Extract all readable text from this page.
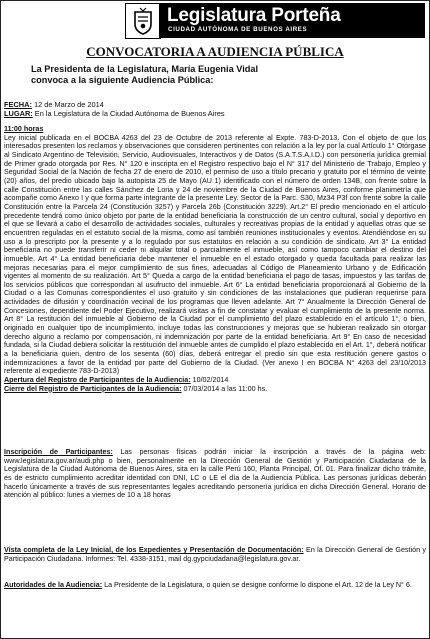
Legislatura Porteña
CIUDAD AUTÓNOMA DE BUENOS AIRES
CONVOCATORIA A AUDIENCIA PÚBLICA
La Presidenta de la Legislatura, María Eugenia Vidal
convoca a la siguiente Audiencia Pública:
FECHA: 12 de Marzo de 2014
LUGAR: En la Legislatura de la Ciudad Autónoma de Buenos Aires
11:00 horas

Ley inicial publicada en el BOCBA 4263 del 23 de Octubre de 2013 referente al Expte. 783-D-2013. Con el objeto de que los interesados presenten los reclamos y observaciones que consideren pertinentes con relación a la ley por la cual Artículo 1° Otórgase al Sindicato Argentino de Televisión, Servicio, Audiovisuales, Interactivos y de Datos (S.A.T.S.A.I.D.) con personería jurídica gremial de Primer grado otorgada por Res. N° 120 e inscripta en el Registro respectivo bajo el N° 317 del Ministerio de Trabajo, Empleo y Seguridad Social de la Nación de fecha 27 de enero de 2010, el permiso de uso a título precario y gratuito por el término de veinte (20) años, del predio ubicado bajo la autopista 25 de Mayo (AU 1) identificado con el número de orden 134B, con frente sobre la calle Constitución entre las calles Sánchez de Loria y 24 de noviembre de la Ciudad de Buenos Aires, conforme planimetría que acompañe como Anexo I y que forma parte integrante de la presente Ley. Sector de la Parc. S30, Mz34 P3f con frente sobre la calle Constitución entre la Parcela 24 (Constitución 3257) y Parcela 26b (Constitución 3229). Art.2° El predio mencionado en el artículo precedente tendrá como único objeto por parte de la entidad beneficiaria la construcción de un centro cultural, social y deportivo en el que se llevará a cabo el desarrollo de actividades sociales, culturales y recreativas propias de la entidad y aquellas otras que se encuentren reguladas en el estatuto social de la misma, como así también reuniones institucionales y eventos. Atendiéndose en su uso a lo prescripto por la presente y a lo regulado por sus estatutos en relación a su condición de sindicato. Art 3° La entidad beneficiaria no puede transferir ni ceder ni alquilar total o parcialmente el inmueble, así como tampoco cambiar el destino del inmueble. Art 4° La entidad beneficiaria debe mantener el inmueble en el estado otorgado y queda facultada para realizar las mejoras necesarias para el mejor cumplimiento de sus fines, adecuadas al Código de Planeamiento Urbano y de Edificación vigentes al momento de su realización. Art 5° Queda a cargo de la entidad beneficiaria el pago de tasas, impuestos y las tarifas de los servicios públicos que correspondan al usufructo del inmueble. Art 6° La entidad beneficiaria proporcionará al Gobierno de la Ciudad o a las Comunas correspondientes el uso gratuito y sin condiciones de las instalaciones que pudieran requerirse para actividades de difusión y coordinación vecinal de los programas que lleven adelante. Art 7° Anualmente la Dirección General de Concesiones, dependiente del Poder Ejecutivo, realizará visitas a fin de constatar y evaluar el cumplimiento de la presente norma. Art 8° La restitución del inmueble al Gobierno de la Ciudad por el cumplimiento del plazo establecido en el artículo 1°, o bien, originado en cualquier tipo de incumplimiento, incluye todas las construcciones y mejoras que se hubieran realizado sin otorgar derecho alguno a reclamo por compensación, ni indemnización por parte de la entidad beneficiaria. Art 9° En caso de necesidad fundada, si la Ciudad debiera solicitar la restitución del inmueble antes de cumplido el plazo establecido en el Art. 1°, deberá notificar a la beneficiaria quien, dentro de los sesenta (60) días, deberá entregar el predio sin que esta restitución genere gastos o indemnizaciones a favor de la entidad por parte del Gobierno de la Ciudad. (Ver anexo I en BOCBA N° 4263 del 23/10/2013 referente al expediente 783-D-2013)

Apertura del Registro de Participantes de la Audiencia: 10/02/2014
Cierre del Registro de Participantes de la Audiencia: 07/03/2014 a las 11:00 hs.

Inscripción de Participantes: Las personas físicas podrán iniciar la inscripción a través de la página web: www.legislatura.gov.ar/audi.php o bien, personalmente en la Dirección General de Gestión y Participación Ciudadana de la Legislatura de la Ciudad Autónoma de Buenos Aires, sita en la calle Perú 160, Planta Principal, Of. 01. Para finalizar dicho trámite, es de estricto cumplimiento acreditar identidad con DNI, LC o LE el día de la Audiencia Pública. Las personas jurídicas deberán hacerlo únicamente a través de sus representantes legales acreditando personería jurídica en dicha Dirección General. Horario de atención al público: lunes a viernes de 10 a 18 horas

Vista completa de la Ley Inicial, de los Expedientes y Presentación de Documentación: En la Dirección General de Gestión y Participación Ciudadana. Informes: Tel. 4338-3151, mail dg.gypciudadana@legislatura.gov.ar.

Autoridades de la Audiencia: La Presidente de la Legislatura, o quien se designe conforme lo dispone el Art. 12 de la Ley N° 6.
